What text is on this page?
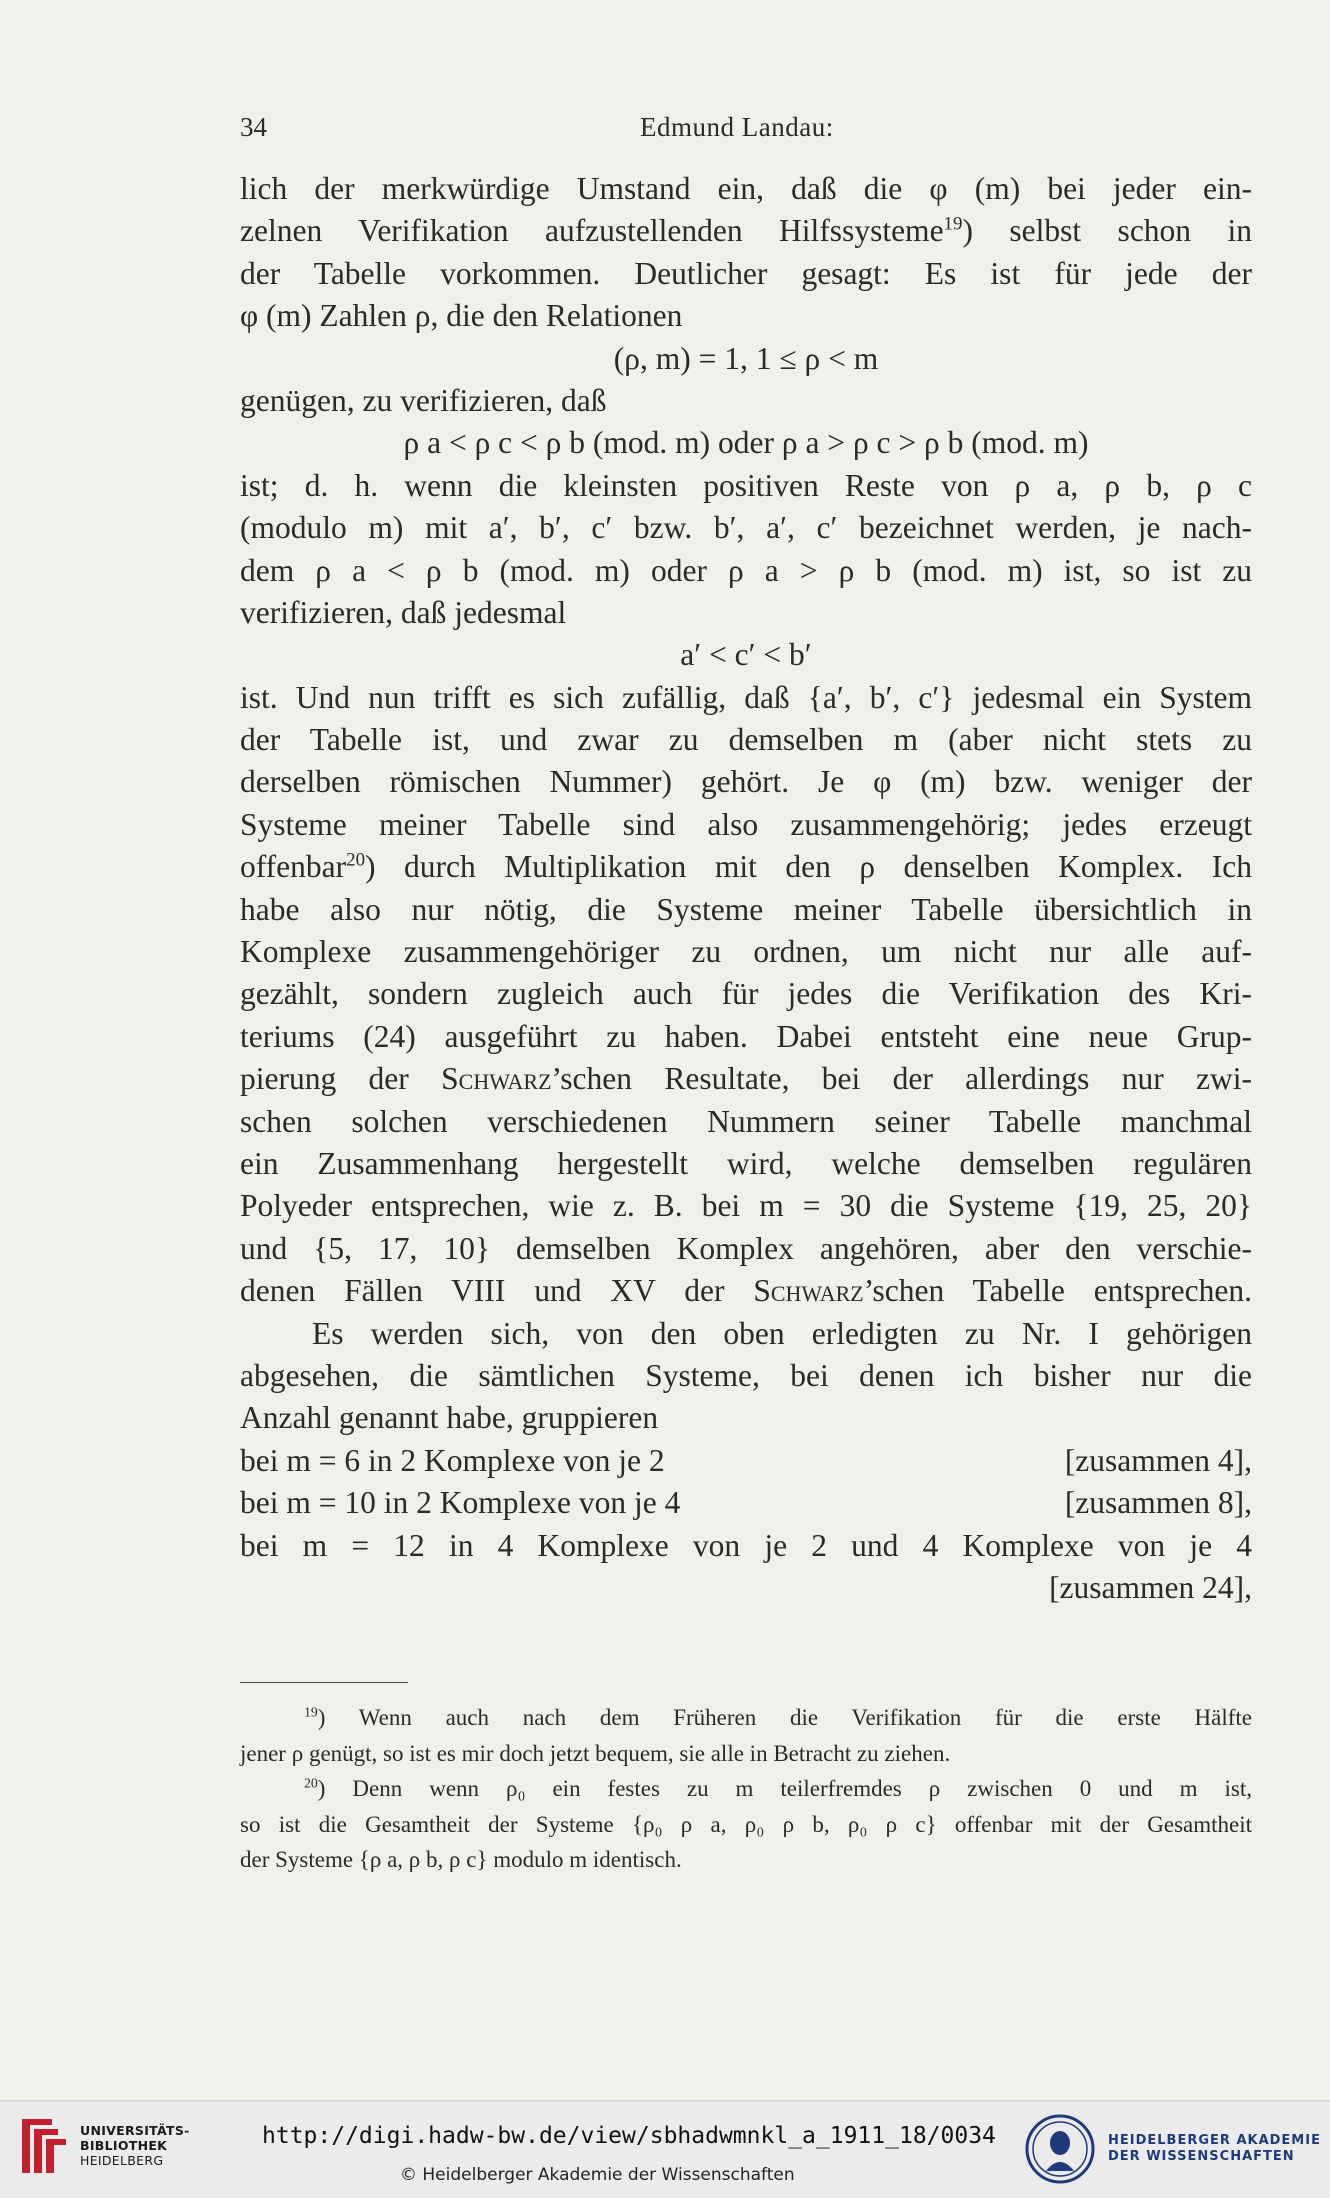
34	Edmund Landau:
lich der merkwürdige Umstand ein, daß die φ (m) bei jeder ein-
zelnen Verifikation aufzustellenden Hilfssysteme$^{19}$) selbst schon in
der Tabelle vorkommen. Deutlicher gesagt: Es ist für jede der
φ (m) Zahlen ρ, die den Relationen
(ρ, m) = 1, 1 ≤ ρ < m
genügen, zu verifizieren, daß
ρ a < ρ c < ρ b (mod. m) oder ρ a > ρ c > ρ b (mod. m)
ist; d. h. wenn die kleinsten positiven Reste von ρ a, ρ b, ρ c
(modulo m) mit a′, b′, c′ bzw. b′, a′, c′ bezeichnet werden, je nach-
dem ρ a < ρ b (mod. m) oder ρ a > ρ b (mod. m) ist, so ist zu
verifizieren, daß jedesmal
a′ < c′ < b′
ist. Und nun trifft es sich zufällig, daß {a′, b′, c′} jedesmal ein System
der Tabelle ist, und zwar zu demselben m (aber nicht stets zu
derselben römischen Nummer) gehört. Je φ (m) bzw. weniger der
Systeme meiner Tabelle sind also zusammengehörig; jedes erzeugt
offenbar$^{20}$) durch Multiplikation mit den ρ denselben Komplex. Ich
habe also nur nötig, die Systeme meiner Tabelle übersichtlich in
Komplexe zusammengehöriger zu ordnen, um nicht nur alle auf-
gezählt, sondern zugleich auch für jedes die Verifikation des Kri-
teriums (24) ausgeführt zu haben. Dabei entsteht eine neue Grup-
pierung der Schwarz’schen Resultate, bei der allerdings nur zwi-
schen solchen verschiedenen Nummern seiner Tabelle manchmal
ein Zusammenhang hergestellt wird, welche demselben regulären
Polyeder entsprechen, wie z. B. bei m = 30 die Systeme {19, 25, 20}
und {5, 17, 10} demselben Komplex angehören, aber den verschie-
denen Fällen VIII und XV der Schwarz’schen Tabelle entsprechen.
Es werden sich, von den oben erledigten zu Nr. I gehörigen
abgesehen, die sämtlichen Systeme, bei denen ich bisher nur die
Anzahl genannt habe, gruppieren
bei m = 6 in 2 Komplexe von je 2	[zusammen 4],
bei m = 10 in 2 Komplexe von je 4	[zusammen 8],
bei m = 12 in 4 Komplexe von je 2 und 4 Komplexe von je 4
[zusammen 24],
$^{19}$) Wenn auch nach dem Früheren die Verifikation für die erste Hälfte
jener ρ genügt, so ist es mir doch jetzt bequem, sie alle in Betracht zu ziehen.
$^{20}$) Denn wenn ρ₀ ein festes zu m teilerfremdes ρ zwischen 0 und m ist,
so ist die Gesamtheit der Systeme {ρ₀ ρ a, ρ₀ ρ b, ρ₀ ρ c} offenbar mit der Gesamtheit
der Systeme {ρ a, ρ b, ρ c} modulo m identisch.
UNIVERSITÄTS-
BIBLIOTHEK
HEIDELBERG
http://digi.hadw-bw.de/view/sbhadwmnkl_a_1911_18/0034
© Heidelberger Akademie der Wissenschaften
HEIDELBERGER AKADEMIE
DER WISSENSCHAFTEN
